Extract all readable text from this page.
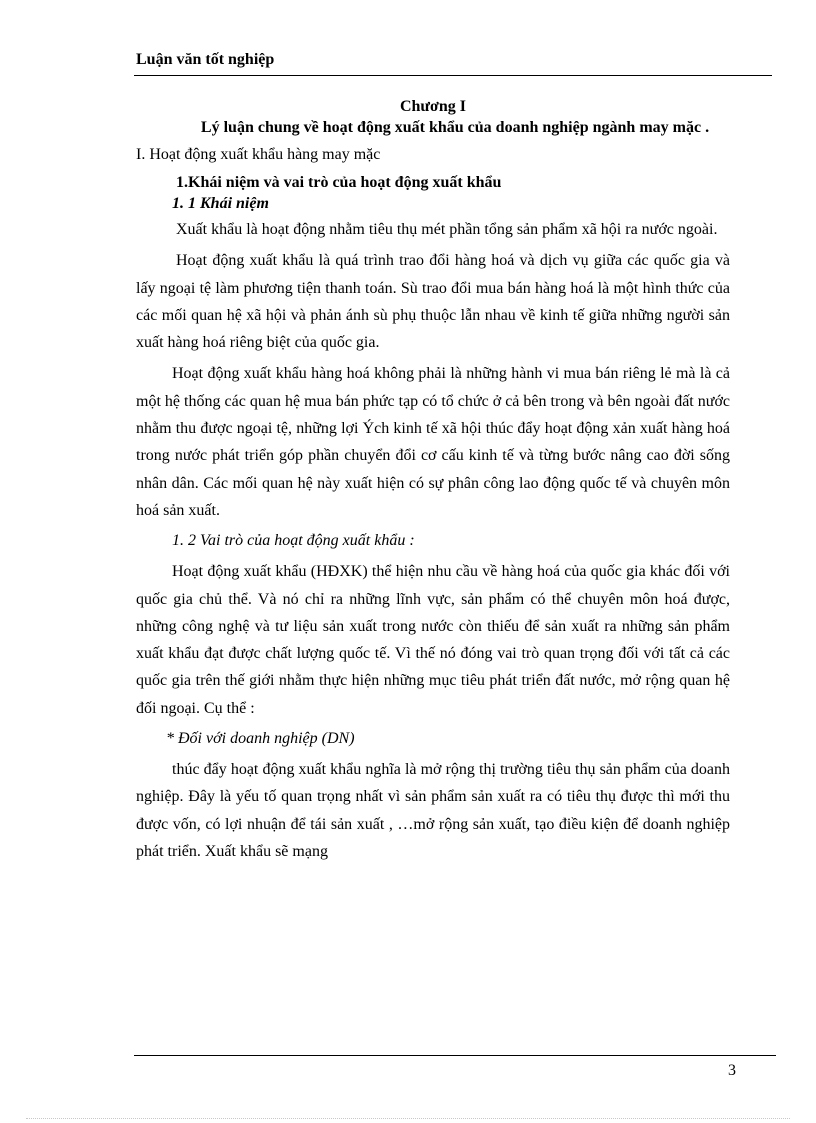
Luận văn tốt nghiệp

Chương I

Lý luận chung về hoạt động xuất khẩu của doanh nghiệp ngành may mặc .

I. Hoạt động xuất khẩu hàng may mặc

1.Khái niệm và vai trò của hoạt động xuất khẩu

1. 1 Khái niệm

Xuất khẩu là hoạt động nhằm tiêu thụ mét phần tổng sản phẩm xã hội ra nước ngoài.

Hoạt động xuất khẩu là quá trình trao đổi hàng hoá và dịch vụ giữa các quốc gia và lấy ngoại tệ làm phương tiện thanh toán. Sù trao đổi mua bán hàng hoá là một hình thức của các mối quan hệ xã hội và phản ánh sù phụ thuộc lẫn nhau về kinh tế giữa những người sản xuất hàng hoá riêng biệt của quốc gia.

Hoạt động xuất khẩu hàng hoá không phải là những hành vi mua bán riêng lẻ mà là cả một hệ thống các quan hệ mua bán phức tạp có tổ chức ở cả bên trong và bên ngoài đất nước nhằm thu được ngoại tệ, những lợi Ých kinh tế xã hội thúc đẩy hoạt động xản xuất hàng hoá trong nước phát triển góp phần chuyển đổi cơ cấu kinh tế và từng bước nâng cao đời sống nhân dân. Các mối quan hệ này xuất hiện có sự phân công lao động quốc tế và chuyên môn hoá sản xuất.

1. 2 Vai trò của hoạt động xuất khẩu :

Hoạt động xuất khẩu (HĐXK) thể hiện nhu cầu về hàng hoá của quốc gia khác đối với quốc gia chủ thể. Và nó chỉ ra những lĩnh vực, sản phẩm có thể chuyên môn hoá được, những công nghệ và tư liệu sản xuất trong nước còn thiếu để sản xuất ra những sản phẩm xuất khẩu đạt được chất lượng quốc tế. Vì thế nó đóng vai trò quan trọng đối với tất cả các quốc gia trên thế giới nhằm thực hiện những mục tiêu phát triển đất nước, mở rộng quan hệ đối ngoại. Cụ thể :

* Đối với doanh nghiệp (DN)

thúc đẩy hoạt động xuất khẩu nghĩa là mở rộng thị trường tiêu thụ sản phẩm của doanh nghiệp. Đây là yếu tố quan trọng nhất vì sản phẩm sản xuất ra có tiêu thụ được thì mới thu được vốn, có lợi nhuận để tái sản xuất , …mở rộng sản xuất, tạo điều kiện để doanh nghiệp phát triển. Xuất khẩu sẽ mạng

3
